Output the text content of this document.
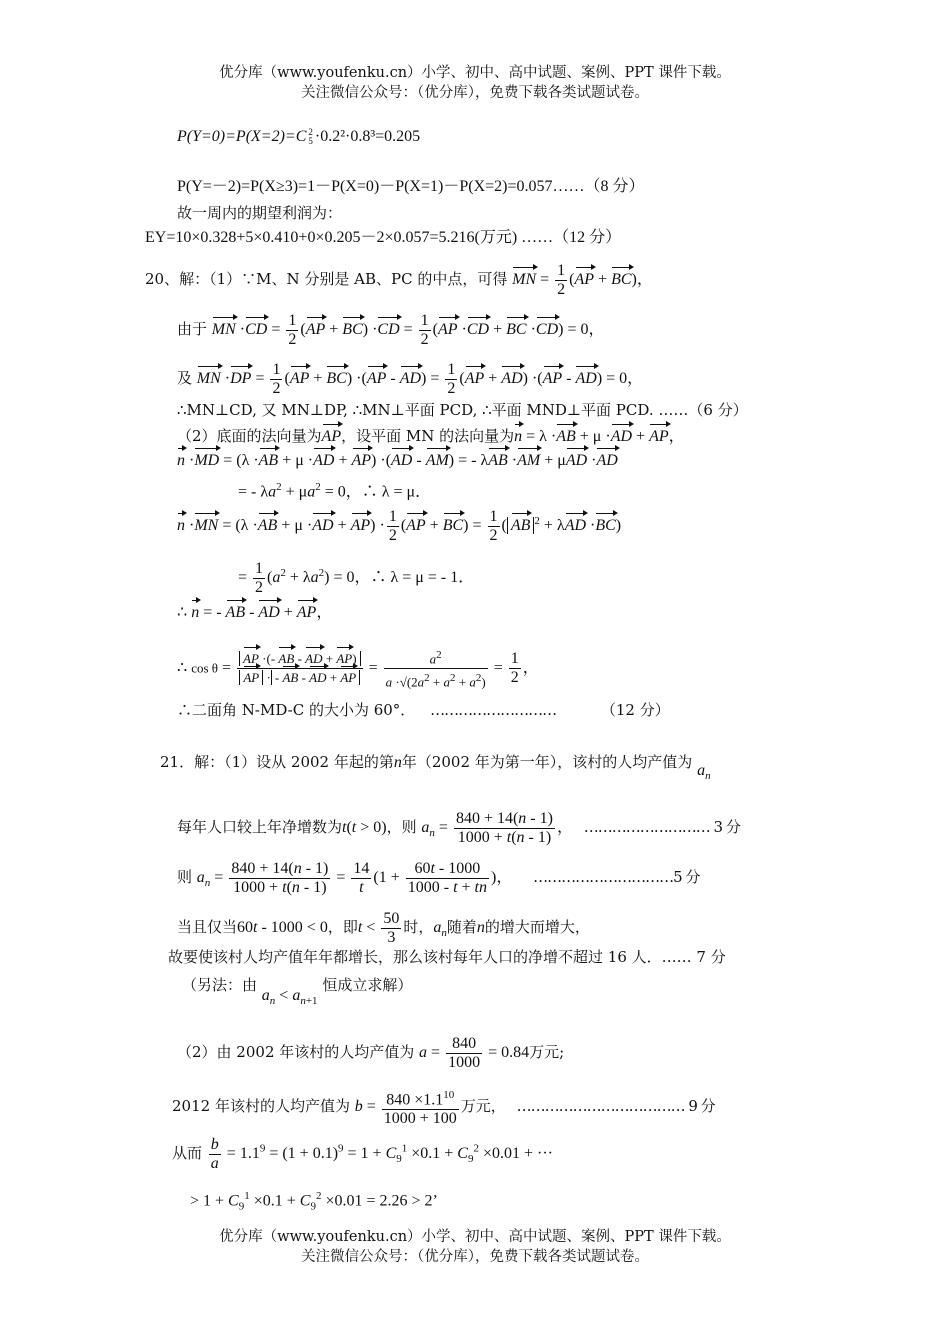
优分库（www.youfenku.cn）小学、初中、高中试题、案例、PPT 课件下载。
关注微信公众号：（优分库），免费下载各类试题试卷。
P(Y=0)=P(X=2)=C 2
5 ·0.2²·0.8³=0.205
P(Y=－2)=P(X≥3)=1－P(X=0)－P(X=1)－P(X=2)=0.057……（8 分）
故一周内的期望利润为：
EY=10×0.328+5×0.410+0×0.205－2×0.057=5.216(万元) ……（12 分）
20、解：（1）∵M、N 分别是 AB、PC 的中点，可得 MN = $\frac{1}{2} (AP + BC)$，
由于 MN $\cdot CD = \frac{1}{2} (AP + BC) \cdot CD = \frac{1}{2} (AP \cdot CD$ + BC ·CD) = 0，
及 MN $\cdot DP = \frac{1}{2} (AP + BC) \cdot(AP - AD) = \frac{1}{2} (AP + AD) \cdot(AP - AD) = 0$，
∴MN⊥CD, 又 MN⊥DP, ∴MN⊥平面 PCD, ∴平面 MND⊥平面 PCD. ……（6 分）
（2）底面的法向量为AP，设平面 MN 的法向量为n = λ ·AB + μ ·AD + AP，
n ·MD = (λ ·AB + μ ·AD + AP) ·(AD - AM) = - λAB ·AM + μAD ·AD
= - $\lambda a^2 + \mu a^2 = 0$，∴ λ = μ．
$n \cdot MN = (\lambda \cdot AB + \mu \cdot AD + AP) \cdot \frac{1}{2} (AP + BC) = \frac{1}{2}$ ( AB $^2$ + λAD ·BC)
= $\frac{1}{2} (a^2 + \lambda a^2) = 0$，∴ λ = μ = - 1．
∴ n = - AB - AD + AP，
∴ $\cos \theta = \frac{AP \cdot(- AB - AD + AP)}{AP \cdot - AB - AD + AP} = \frac{a^2}{a \cdot√(2a^2 + a^2 + a^2)} = \frac{1}{2}$ ，
∴二面角 N-MD-C 的大小为 60°． ………………………	（12 分）
21．解：（1）设从 2002 年起的第n年（2002 年为第一年），该村的人均产值为 $a_n$
每年人口较上年净增数为t(t > 0)，则 $a_n = \frac{840 + 14(n - 1)}{1000 + t(n - 1)}$ ， ……………………… 3 分
则 $a_n = \frac{840 + 14(n - 1)}{1000 + t(n - 1)} = \frac{14}{t} (1 + \frac{60t - 1000}{1000 - t + tn}$ )， …………………………5 分
当且仅当60t - 1000 < 0，即$t < \frac{50}{3}$ 时，$a_n$随着n的增大而增大，
故要使该村人均产值年年都增长，那么该村每年人口的净增不超过 16 人．…… 7 分
（另法：由 $a_n < a_{n+1}$ 恒成立求解）
（2）由 2002 年该村的人均产值为 $a = \frac{840}{1000} = 0.84$万元;
2012 年该村的人均产值为 $b = \frac{840 \times 1.1^{10}}{1000 + 100}$ 万元， ……………………………… 9 分
从而 $\frac{b}{a} = 1.1^9 = (1 + 0.1)^9 = 1 + C_9^1 \times 0.1 + C_9^2 \times 0.01$ + ···
> $1 + C_9^1 \times 0.1 + C_9^2 \times 0.01 = 2.26 > 2$’
优分库（www.youfenku.cn）小学、初中、高中试题、案例、PPT 课件下载。
关注微信公众号：（优分库），免费下载各类试题试卷。
